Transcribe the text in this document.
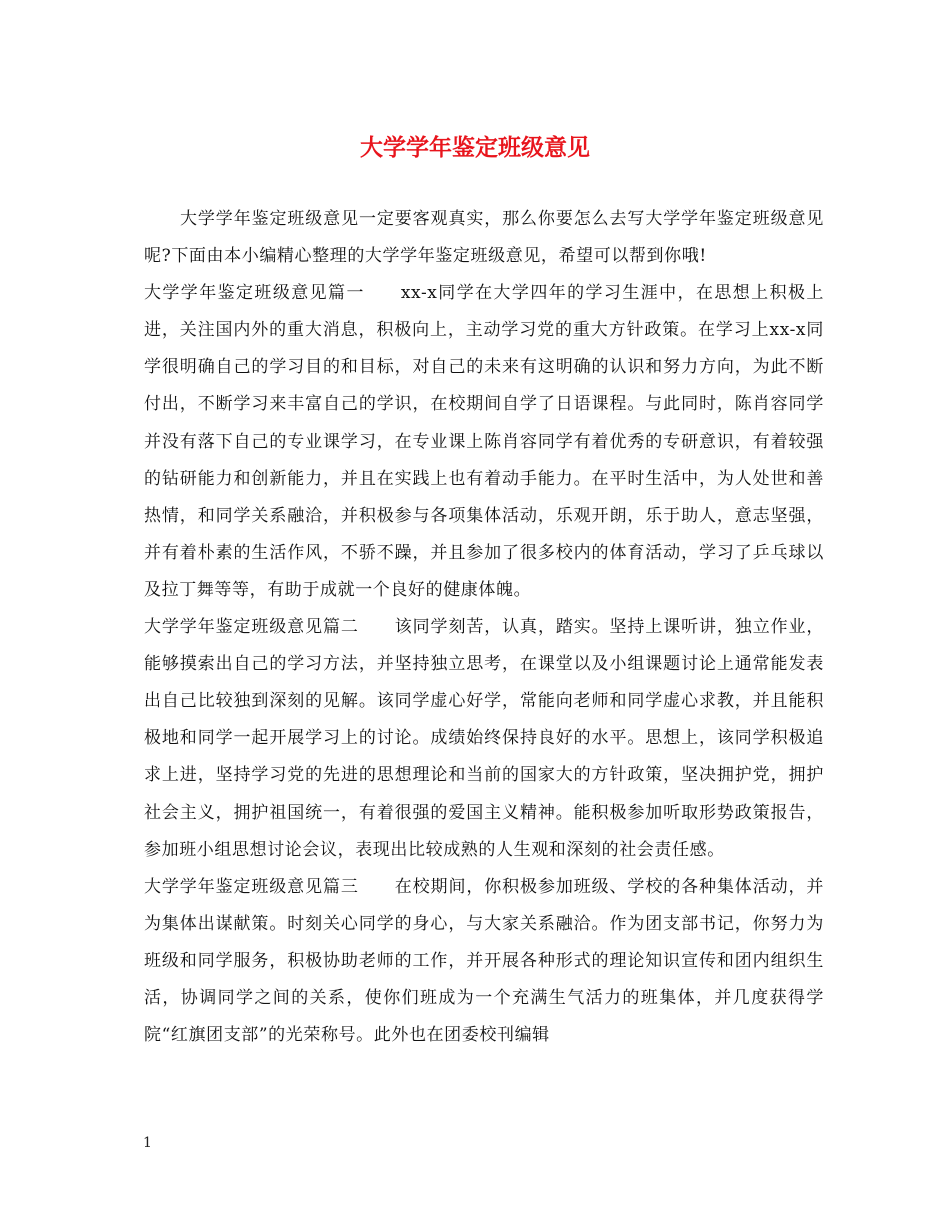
大学学年鉴定班级意见

大学学年鉴定班级意见一定要客观真实，那么你要怎么去写大学学年鉴定班级意见呢?下面由本小编精心整理的大学学年鉴定班级意见，希望可以帮到你哦!

大学学年鉴定班级意见篇一 xx-x同学在大学四年的学习生涯中，在思想上积极上进，关注国内外的重大消息，积极向上，主动学习党的重大方针政策。在学习上xx-x同学很明确自己的学习目的和目标，对自己的未来有这明确的认识和努力方向，为此不断付出，不断学习来丰富自己的学识，在校期间自学了日语课程。与此同时，陈肖容同学并没有落下自己的专业课学习，在专业课上陈肖容同学有着优秀的专研意识，有着较强的钻研能力和创新能力，并且在实践上也有着动手能力。在平时生活中，为人处世和善热情，和同学关系融洽，并积极参与各项集体活动，乐观开朗，乐于助人，意志坚强，并有着朴素的生活作风，不骄不躁，并且参加了很多校内的体育活动，学习了乒乓球以及拉丁舞等等，有助于成就一个良好的健康体魄。

大学学年鉴定班级意见篇二 该同学刻苦，认真，踏实。坚持上课听讲，独立作业，能够摸索出自己的学习方法，并坚持独立思考，在课堂以及小组课题讨论上通常能发表出自己比较独到深刻的见解。该同学虚心好学，常能向老师和同学虚心求教，并且能积极地和同学一起开展学习上的讨论。成绩始终保持良好的水平。思想上，该同学积极追求上进，坚持学习党的先进的思想理论和当前的国家大的方针政策，坚决拥护党，拥护社会主义，拥护祖国统一，有着很强的爱国主义精神。能积极参加听取形势政策报告，参加班小组思想讨论会议，表现出比较成熟的人生观和深刻的社会责任感。

大学学年鉴定班级意见篇三 在校期间，你积极参加班级、学校的各种集体活动，并为集体出谋献策。时刻关心同学的身心，与大家关系融洽。作为团支部书记，你努力为班级和同学服务，积极协助老师的工作，并开展各种形式的理论知识宣传和团内组织生活，协调同学之间的关系，使你们班成为一个充满生气活力的班集体，并几度获得学院“红旗团支部”的光荣称号。此外也在团委校刊编辑

1
